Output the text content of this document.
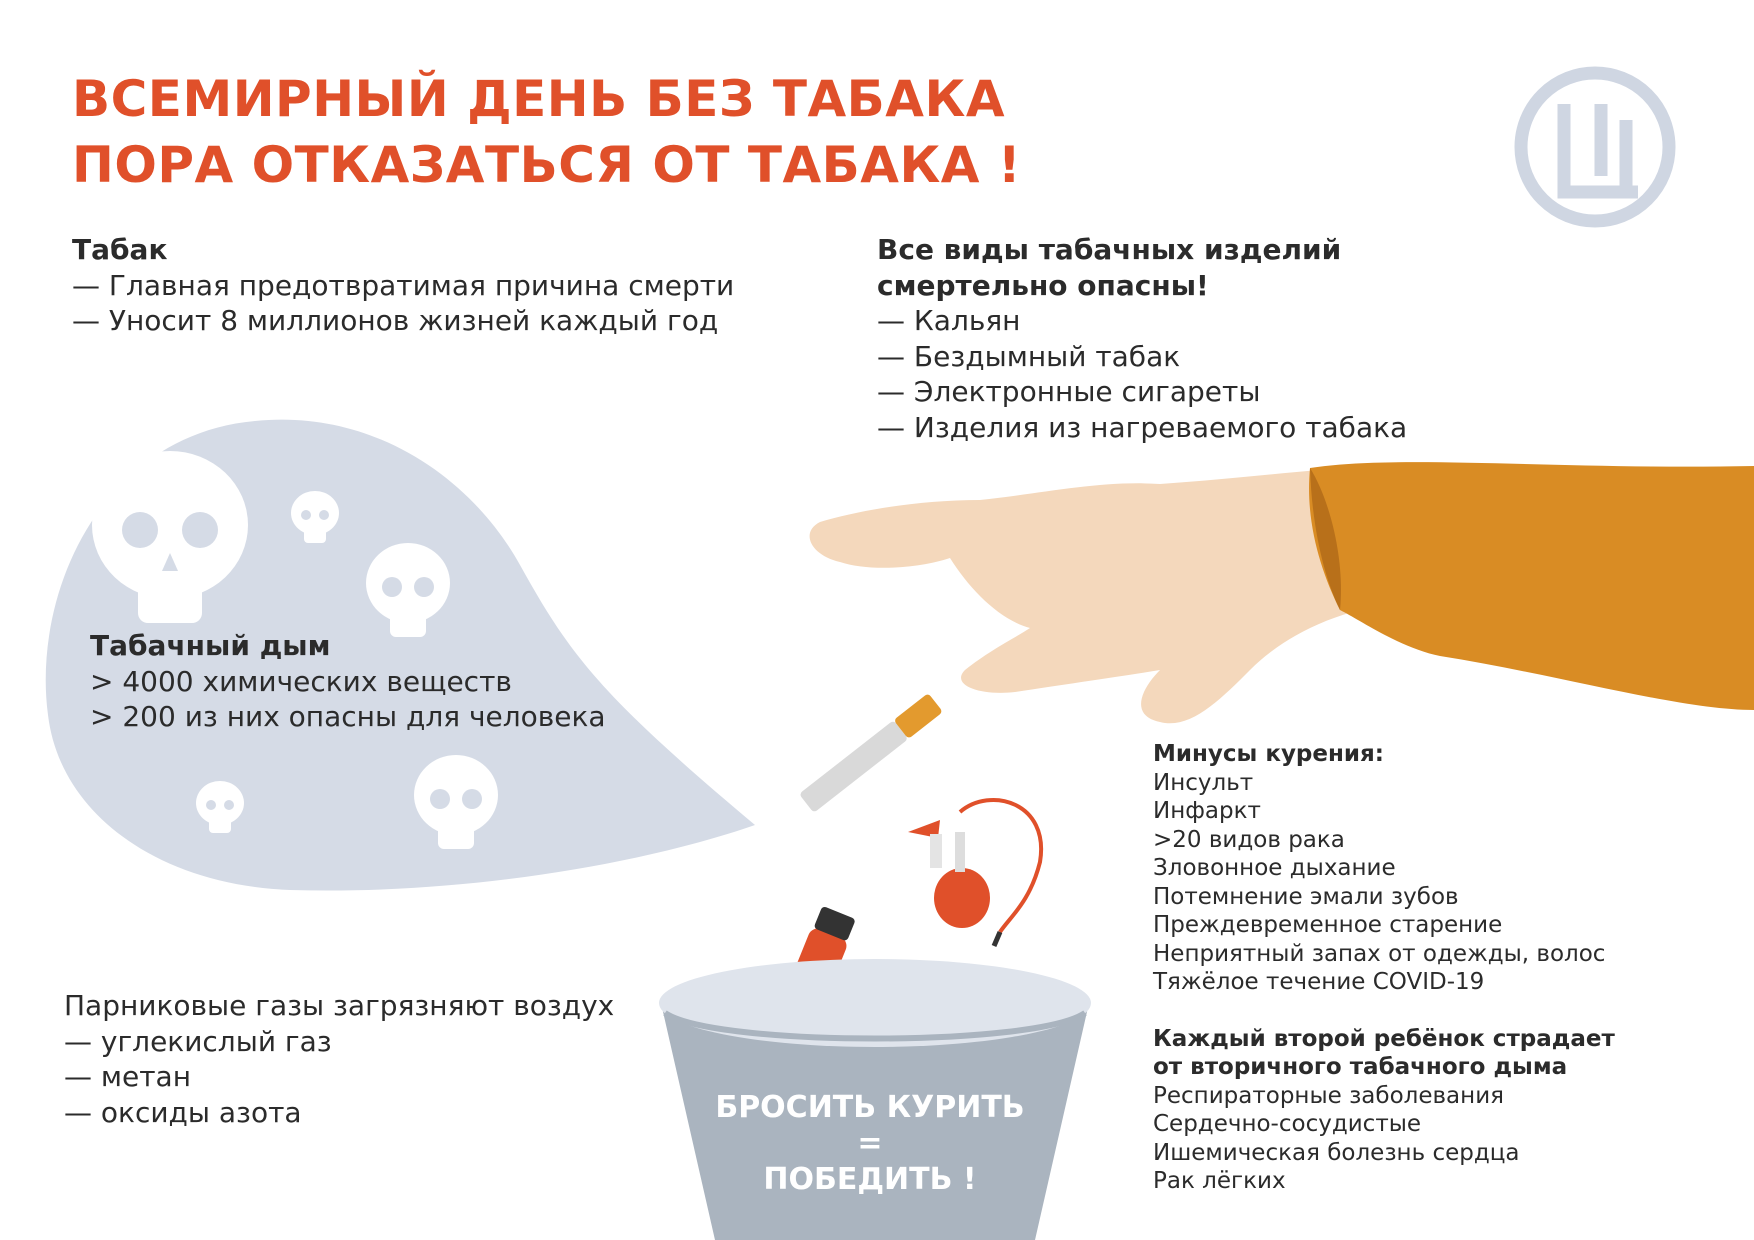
ВСЕМИРНЫЙ ДЕНЬ БЕЗ ТАБАКА
ПОРА ОТКАЗАТЬСЯ ОТ ТАБАКА !
Табак
— Главная предотвратимая причина смерти
— Уносит 8 миллионов жизней каждый год
Все виды табачных изделий
смертельно опасны!
— Кальян
— Бездымный табак
— Электронные сигареты
— Изделия из нагреваемого табака
Табачный дым
> 4000 химических веществ
> 200 из них опасны для человека
Парниковые газы загрязняют воздух
— углекислый газ
— метан
— оксиды азота	БРОСИТЬ КУРИТЬ
=
ПОБЕДИТЬ !
Минусы курения:
Инсульт
Инфаркт
>20 видов рака
Зловонное дыхание
Потемнение эмали зубов
Преждевременное старение
Неприятный запах от одежды, волос
Тяжёлое течение COVID-19
Каждый второй ребёнок страдает
от вторичного табачного дыма
Респираторные заболевания
Сердечно-сосудистые
Ишемическая болезнь сердца
Рак лёгких
